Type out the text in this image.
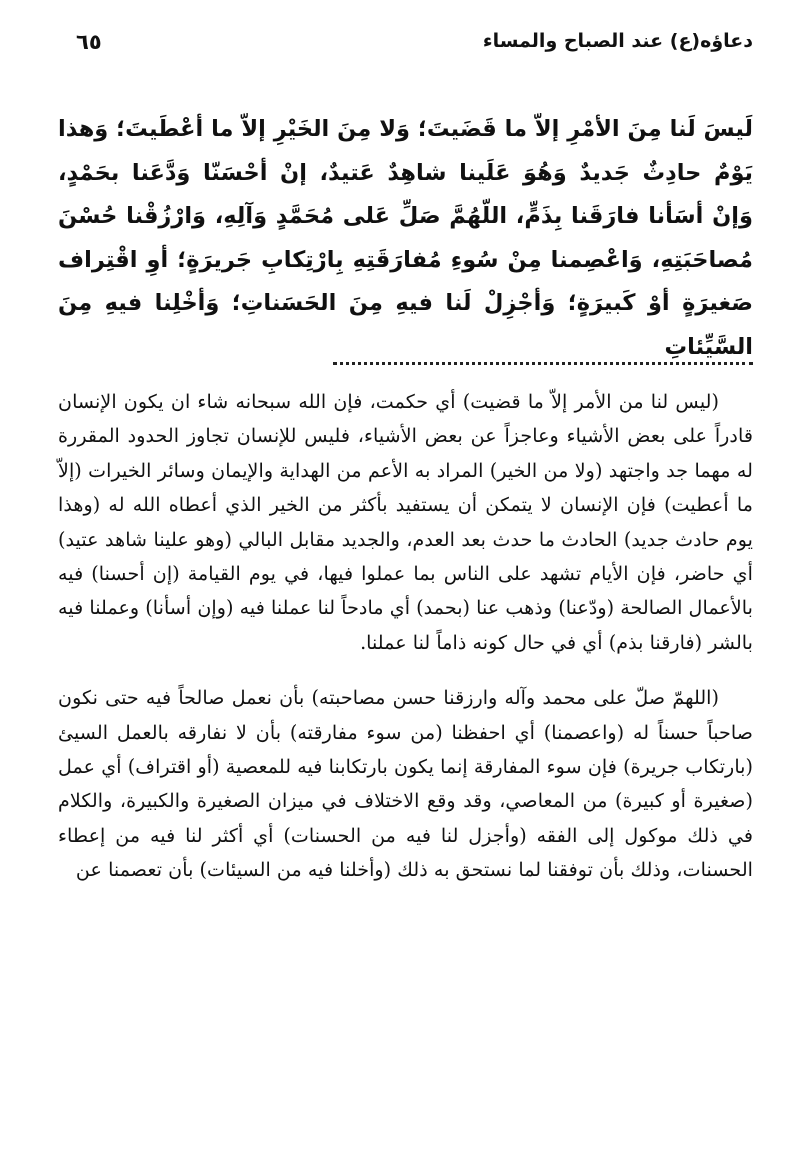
دعاؤه(ع) عند الصباح والمساء
٦٥

لَيسَ لَنا مِنَ الأمْرِ إلاّ ما قَضَيتَ؛ وَلا مِنَ الخَيْرِ إلاّ ما أعْطَيتَ؛ وَهذا يَوْمٌ حادِثٌ جَديدٌ وَهُوَ عَلَينا شاهِدٌ عَتيدٌ، إنْ أحْسَنّا وَدَّعَنا بحَمْدٍ، وَإنْ أسَأنا فارَقَنا بِذَمٍّ، اللّهُمَّ صَلِّ عَلى مُحَمَّدٍ وَآلِهِ، وَارْزُقْنا حُسْنَ مُصاحَبَتِهِ، وَاعْصِمنا مِنْ سُوءِ مُفارَقَتِهِ بِارْتِكابِ جَريرَةٍ؛ أوِ اقْتِراف صَغيرَةٍ أوْ كَبيرَةٍ؛ وَأجْزِلْ لَنا فيهِ مِنَ الحَسَناتِ؛ وَأخْلِنا فيهِ مِنَ السَّيِّئاتِ

(ليس لنا من الأمر إلاّ ما قضيت) أي حكمت، فإن الله سبحانه شاء ان يكون الإنسان قادراً على بعض الأشياء وعاجزاً عن بعض الأشياء، فليس للإنسان تجاوز الحدود المقررة له مهما جد واجتهد (ولا من الخير) المراد به الأعم من الهداية والإيمان وسائر الخيرات (إلاّ ما أعطيت) فإن الإنسان لا يتمكن أن يستفيد بأكثر من الخير الذي أعطاه الله له (وهذا يوم حادث جديد) الحادث ما حدث بعد العدم، والجديد مقابل البالي (وهو علينا شاهد عتيد) أي حاضر، فإن الأيام تشهد على الناس بما عملوا فيها، في يوم القيامة (إن أحسنا) فيه بالأعمال الصالحة (ودّعنا) وذهب عنا (بحمد) أي مادحاً لنا عملنا فيه (وإن أسأنا) وعملنا فيه بالشر (فارقنا بذم) أي في حال كونه ذاماً لنا عملنا.

(اللهمّ صلّ على محمد وآله وارزقنا حسن مصاحبته) بأن نعمل صالحاً فيه حتى نكون صاحباً حسناً له (واعصمنا) أي احفظنا (من سوء مفارقته) بأن لا نفارقه بالعمل السيئ (بارتكاب جريرة) فإن سوء المفارقة إنما يكون بارتكابنا فيه للمعصية (أو اقتراف) أي عمل (صغيرة أو كبيرة) من المعاصي، وقد وقع الاختلاف في ميزان الصغيرة والكبيرة، والكلام في ذلك موكول إلى الفقه (وأجزل لنا فيه من الحسنات) أي أكثر لنا فيه من إعطاء الحسنات، وذلك بأن توفقنا لما نستحق به ذلك (وأخلنا فيه من السيئات) بأن تعصمنا عن
